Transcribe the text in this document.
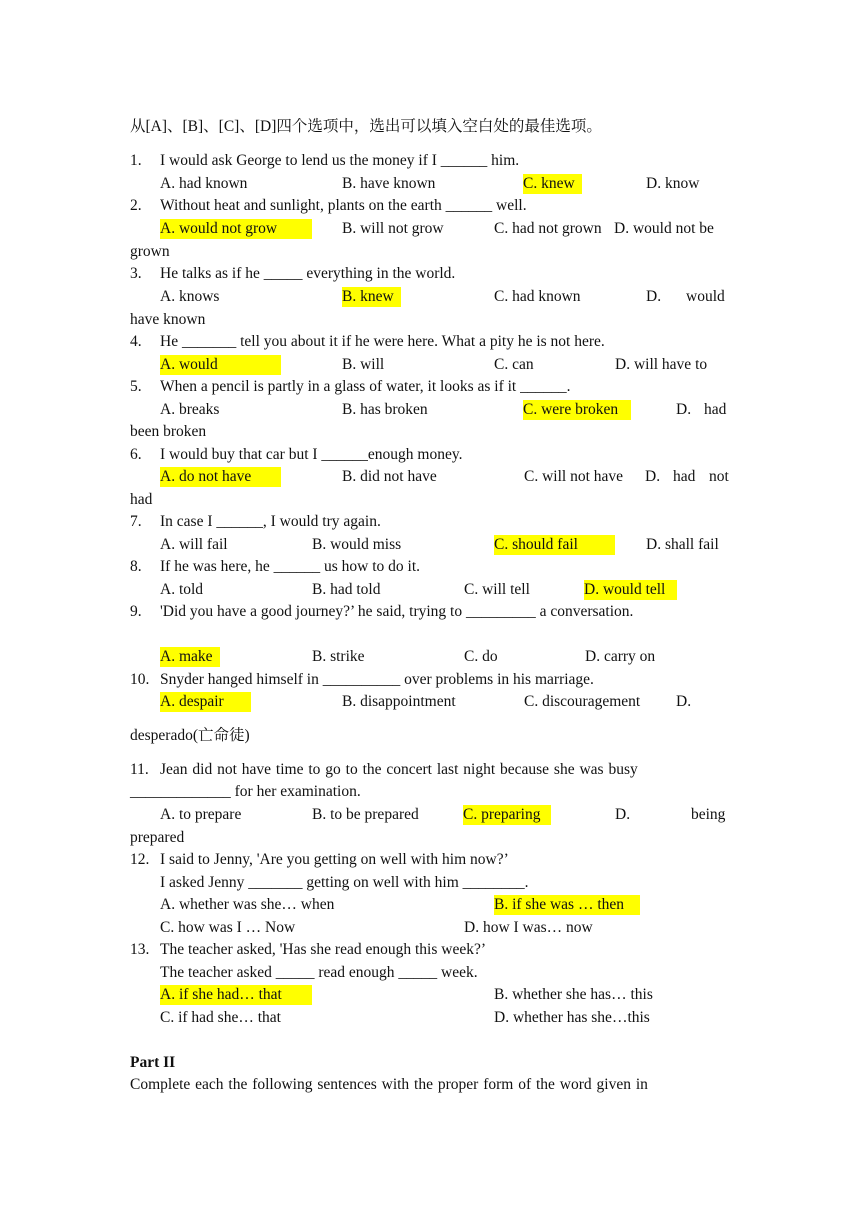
从[A]、[B]、[C]、[D]四个选项中，选出可以填入空白处的最佳选项。
1. I would ask George to lend us the money if I ______ him.
A. had known	B. have known	C. knew	D. know
2. Without heat and sunlight, plants on the earth ______ well.
A. would not grow	B. will not grow	C. had not grown D. would not be
grown
3. He talks as if he _____ everything in the world.
A. knows	B. knew	C. had known	D. would
have known
4. He _______ tell you about it if he were here. What a pity he is not here.
A. would	B. will	C. can	D. will have to
5. When a pencil is partly in a glass of water, it looks as if it ______.
A. breaks	B. has broken	C. were broken	D. had
been broken
6. I would buy that car but I ______enough money.
A. do not have	B. did not have	C. will not have D. had not
had
7. In case I ______, I would try again.
A. will fail	B. would miss	C. should fail	D. shall fail
8. If he was here, he ______ us how to do it.
A. told	B. had told	C. will tell	D. would tell
9. 'Did you have a good journey?’ he said, trying to _________ a conversation.
A. make	B. strike	C. do	D. carry on
10. Snyder hanged himself in __________ over problems in his marriage.
A. despair	B. disappointment	C. discouragement D.
desperado(亡命徒)
11. Jean did not have time to go to the concert last night because she was busy
_____________ for her examination.
A. to prepare	B. to be prepared	C. preparing	D.	being
prepared
12. I said to Jenny, 'Are you getting on well with him now?’
I asked Jenny _______ getting on well with him ________.
A. whether was she… when	B. if she was … then
C. how was I … Now	D. how I was… now
13. The teacher asked, 'Has she read enough this week?’
The teacher asked _____ read enough _____ week.
A. if she had… that	B. whether she has… this
C. if had she… that	D. whether has she…this
Part II
Complete each the following sentences with the proper form of the word given in
